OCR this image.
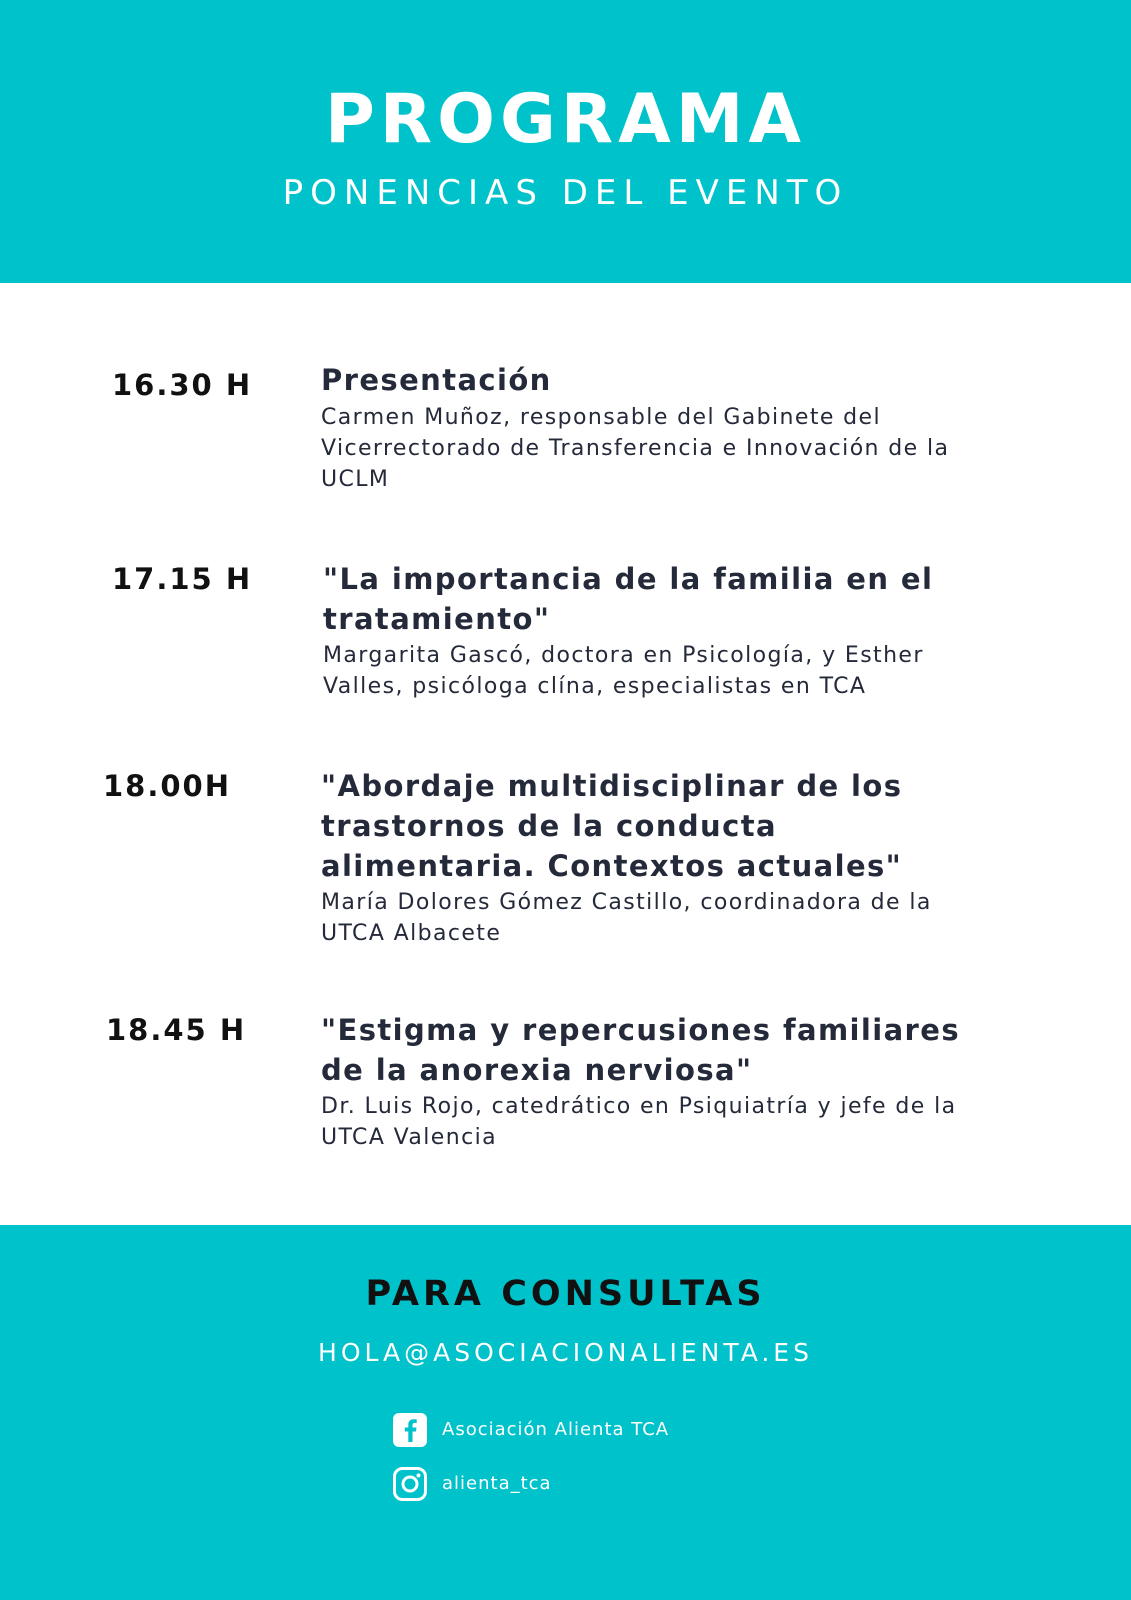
PROGRAMA
PONENCIAS DEL EVENTO
16.30 H Presentación
Carmen Muñoz, responsable del Gabinete del Vicerrectorado de Transferencia e Innovación de la UCLM
17.15 H "La importancia de la familia en el tratamiento"
Margarita Gascó, doctora en Psicología, y Esther Valles, psicóloga clína, especialistas en TCA
18.00H	"Abordaje multidisciplinar de los trastornos de la conducta alimentaria. Contextos actuales"
María Dolores Gómez Castillo, coordinadora de la UTCA Albacete
18.45 H	"Estigma y repercusiones familiares de la anorexia nerviosa"
Dr. Luis Rojo, catedrático en Psiquiatría y jefe de la UTCA Valencia
PARA CONSULTAS
HOLA@ASOCIACIONALIENTA.ES
Asociación Alienta TCA
alienta_tca
